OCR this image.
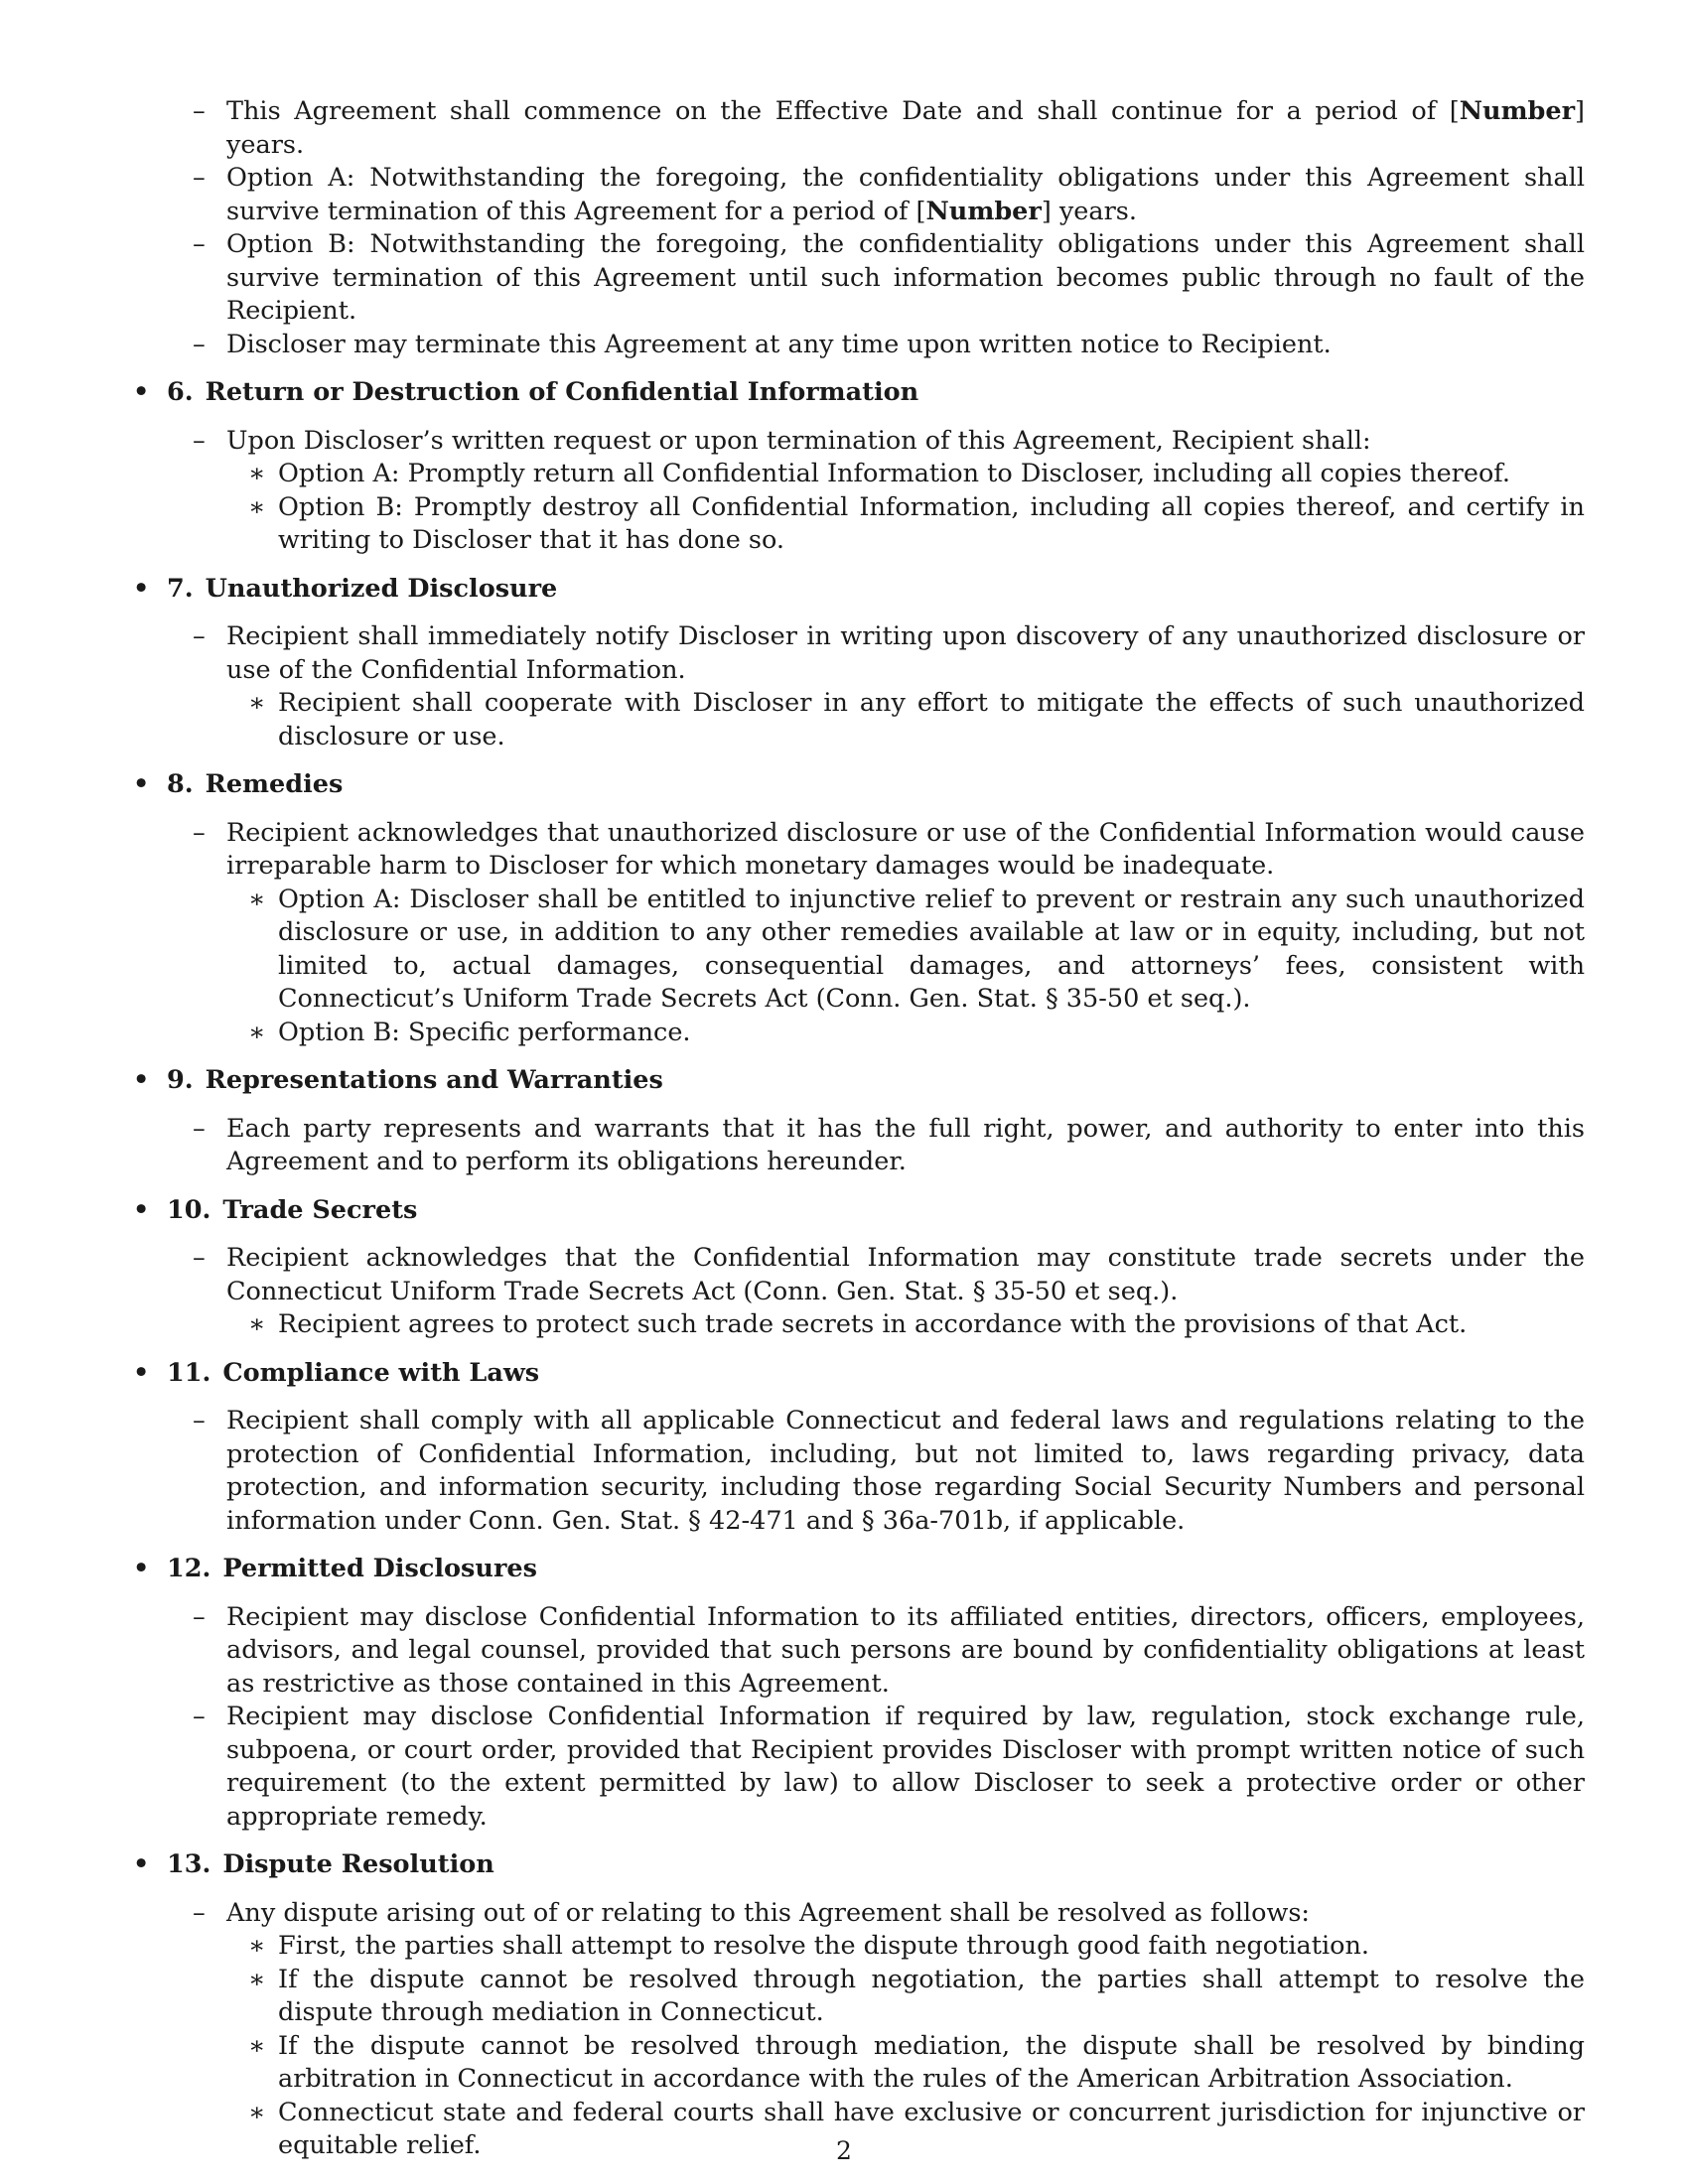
– This Agreement shall commence on the Effective Date and shall continue for a period of [Number] years.
– Option A: Notwithstanding the foregoing, the confidentiality obligations under this Agreement shall survive termination of this Agreement for a period of [Number] years.
– Option B: Notwithstanding the foregoing, the confidentiality obligations under this Agreement shall survive termination of this Agreement until such information becomes public through no fault of the Recipient.
– Discloser may terminate this Agreement at any time upon written notice to Recipient.
• 6. Return or Destruction of Confidential Information
– Upon Discloser’s written request or upon termination of this Agreement, Recipient shall:
∗ Option A: Promptly return all Confidential Information to Discloser, including all copies thereof.
∗ Option B: Promptly destroy all Confidential Information, including all copies thereof, and certify in writing to Discloser that it has done so.
• 7. Unauthorized Disclosure
– Recipient shall immediately notify Discloser in writing upon discovery of any unauthorized disclosure or use of the Confidential Information.
∗ Recipient shall cooperate with Discloser in any effort to mitigate the effects of such unauthorized disclosure or use.
• 8. Remedies
– Recipient acknowledges that unauthorized disclosure or use of the Confidential Information would cause irreparable harm to Discloser for which monetary damages would be inadequate.
∗ Option A: Discloser shall be entitled to injunctive relief to prevent or restrain any such unauthorized disclosure or use, in addition to any other remedies available at law or in equity, including, but not limited to, actual damages, consequential damages, and attorneys’ fees, consistent with Connecticut’s Uniform Trade Secrets Act (Conn. Gen. Stat. § 35-50 et seq.).
∗ Option B: Specific performance.
• 9. Representations and Warranties
– Each party represents and warrants that it has the full right, power, and authority to enter into this Agreement and to perform its obligations hereunder.
• 10. Trade Secrets
– Recipient acknowledges that the Confidential Information may constitute trade secrets under the Connecticut Uniform Trade Secrets Act (Conn. Gen. Stat. § 35-50 et seq.).
∗ Recipient agrees to protect such trade secrets in accordance with the provisions of that Act.
• 11. Compliance with Laws
– Recipient shall comply with all applicable Connecticut and federal laws and regulations relating to the protection of Confidential Information, including, but not limited to, laws regarding privacy, data protection, and information security, including those regarding Social Security Numbers and personal information under Conn. Gen. Stat. § 42-471 and § 36a-701b, if applicable.
• 12. Permitted Disclosures
– Recipient may disclose Confidential Information to its affiliated entities, directors, officers, employees, advisors, and legal counsel, provided that such persons are bound by confidentiality obligations at least as restrictive as those contained in this Agreement.
– Recipient may disclose Confidential Information if required by law, regulation, stock exchange rule, subpoena, or court order, provided that Recipient provides Discloser with prompt written notice of such requirement (to the extent permitted by law) to allow Discloser to seek a protective order or other appropriate remedy.
• 13. Dispute Resolution
– Any dispute arising out of or relating to this Agreement shall be resolved as follows:
∗ First, the parties shall attempt to resolve the dispute through good faith negotiation.
∗ If the dispute cannot be resolved through negotiation, the parties shall attempt to resolve the dispute through mediation in Connecticut.
∗ If the dispute cannot be resolved through mediation, the dispute shall be resolved by binding arbitration in Connecticut in accordance with the rules of the American Arbitration Association.
∗ Connecticut state and federal courts shall have exclusive or concurrent jurisdiction for injunctive or equitable relief.	2
